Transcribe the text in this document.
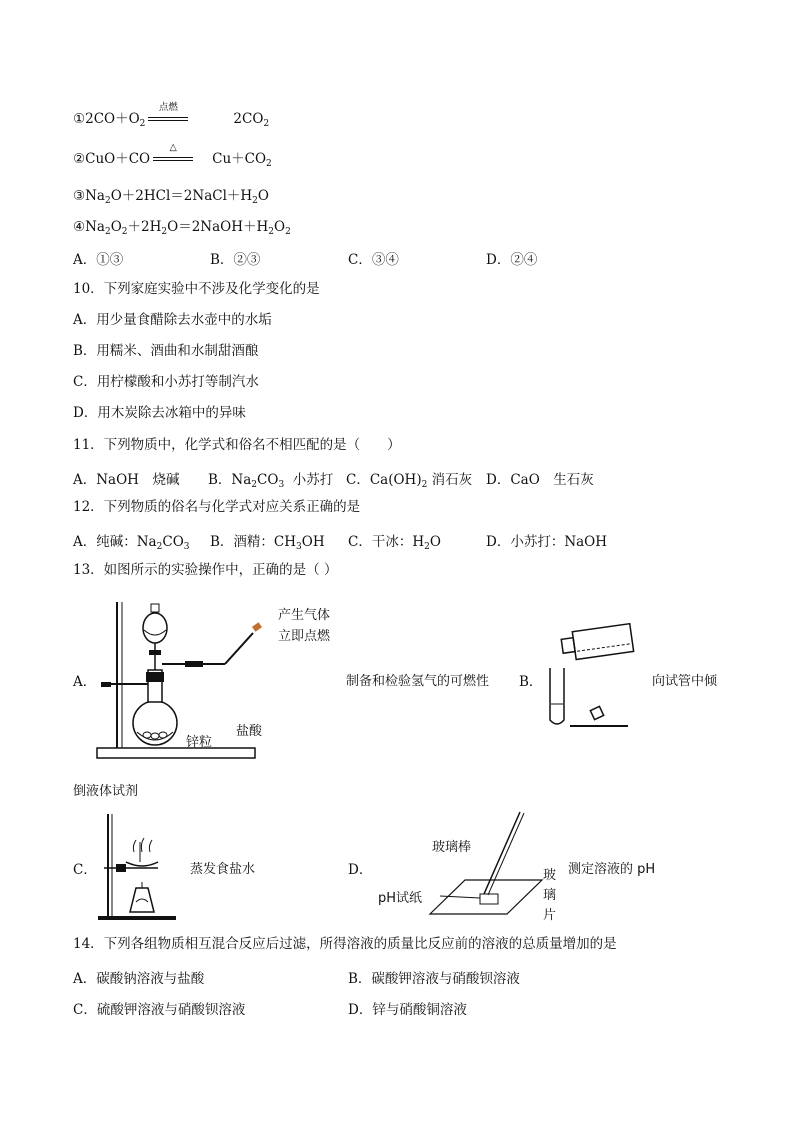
$①2CO+O_2$
点燃
$2CO_2$
②CuO＋CO
△
$Cu+CO_2$
$③Na_2O+2HCl=2NaCl+H_2O$
$④Na_2O_2+2H_2O=2NaOH+H_2O_2$
A．①③	B．②③	C．③④	D．②④
10．下列家庭实验中不涉及化学变化的是
A．用少量食醋除去水壶中的水垢
B．用糯米、酒曲和水制甜酒酿
C．用柠檬酸和小苏打等制汽水
D．用木炭除去冰箱中的异味
11．下列物质中，化学式和俗名不相匹配的是（　　）
A．NaOH　烧碱 B．$Na_2CO_3$  小苏打 C．$Ca(OH)_2$ 消石灰 D．CaO　生石灰
12．下列物质的俗名与化学式对应关系正确的是
A．纯碱：$Na_2CO_3$ B．酒精：$CH_3OH$ C．干冰：$H_2O$	D．小苏打：NaOH
13．如图所示的实验操作中，正确的是（ ）
A．
产生气体
立即点燃
盐酸
锌粒
制备和检验氢气的可燃性 B．	向试管中倾
倒液体试剂
C．	蒸发食盐水	D．
玻璃棒
pH试纸
玻
璃
片
测定溶液的 pH
14．下列各组物质相互混合反应后过滤，所得溶液的质量比反应前的溶液的总质量增加的是
A．碳酸钠溶液与盐酸	B．碳酸钾溶液与硝酸钡溶液
C．硫酸钾溶液与硝酸钡溶液	D．锌与硝酸铜溶液
